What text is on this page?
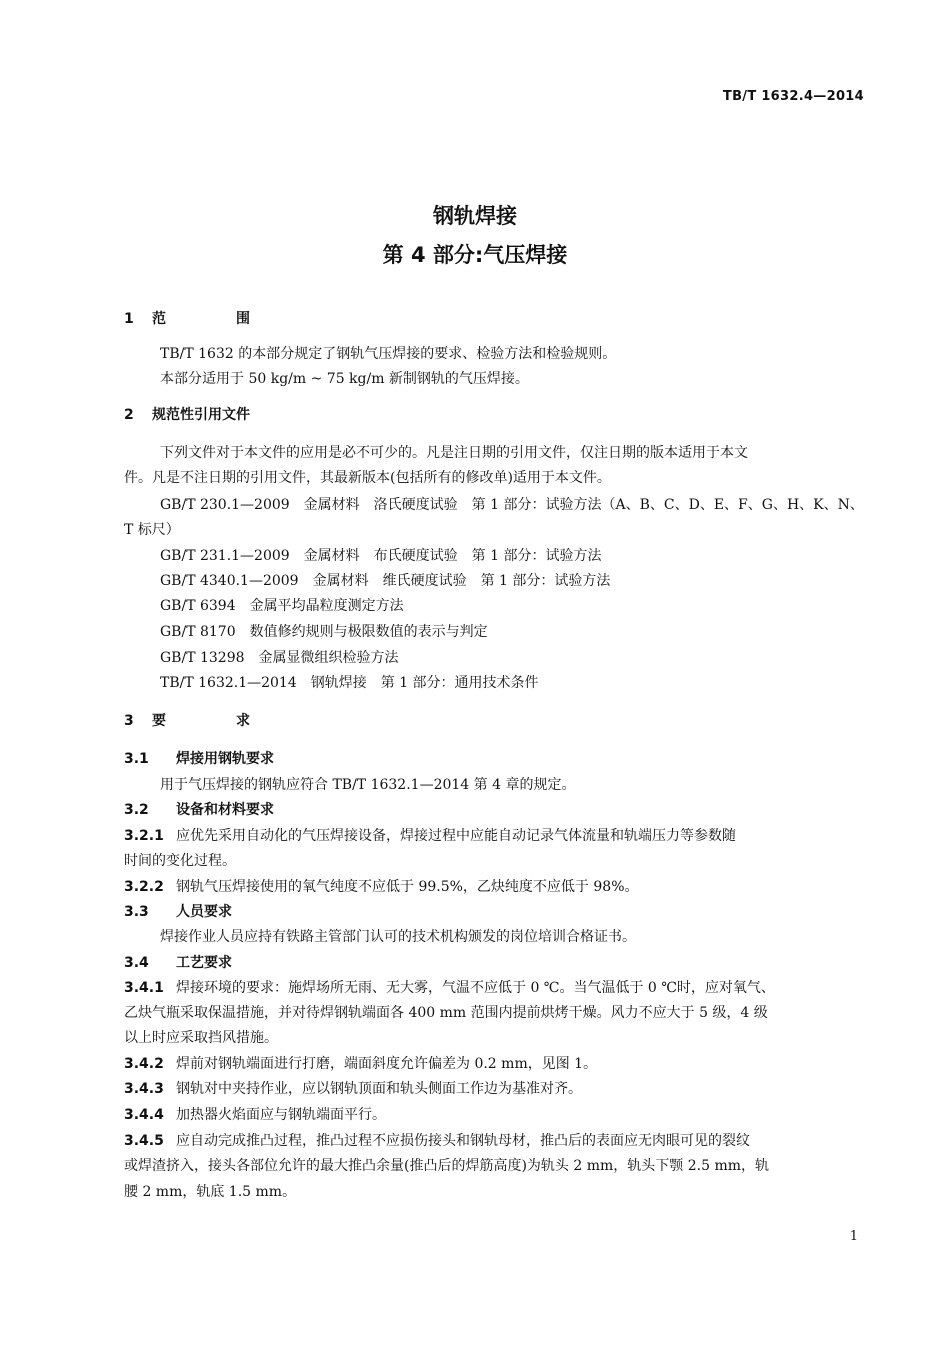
TB/T 1632.4—2014
钢轨焊接
第 4 部分:气压焊接
1 范　围
TB/T 1632 的本部分规定了钢轨气压焊接的要求、检验方法和检验规则。
本部分适用于 50 kg/m ~ 75 kg/m 新制钢轨的气压焊接。
2 规范性引用文件
下列文件对于本文件的应用是必不可少的。凡是注日期的引用文件，仅注日期的版本适用于本文
件。凡是不注日期的引用文件，其最新版本(包括所有的修改单)适用于本文件。
GB/T 230.1—2009　金属材料　洛氏硬度试验　第 1 部分：试验方法（A、B、C、D、E、F、G、H、K、N、
T 标尺）
GB/T 231.1—2009　金属材料　布氏硬度试验　第 1 部分：试验方法
GB/T 4340.1—2009　金属材料　维氏硬度试验　第 1 部分：试验方法
GB/T 6394　金属平均晶粒度测定方法
GB/T 8170　数值修约规则与极限数值的表示与判定
GB/T 13298　金属显微组织检验方法
TB/T 1632.1—2014　钢轨焊接　第 1 部分：通用技术条件
3 要　求
3.1 焊接用钢轨要求
用于气压焊接的钢轨应符合 TB/T 1632.1—2014 第 4 章的规定。
3.2 设备和材料要求
3.2.1 应优先采用自动化的气压焊接设备，焊接过程中应能自动记录气体流量和轨端压力等参数随
时间的变化过程。
3.2.2 钢轨气压焊接使用的氧气纯度不应低于 99.5%，乙炔纯度不应低于 98%。
3.3 人员要求
焊接作业人员应持有铁路主管部门认可的技术机构颁发的岗位培训合格证书。
3.4 工艺要求
3.4.1 焊接环境的要求：施焊场所无雨、无大雾，气温不应低于 0 ℃。当气温低于 0 ℃时，应对氧气、
乙炔气瓶采取保温措施，并对待焊钢轨端面各 400 mm 范围内提前烘烤干燥。风力不应大于 5 级，4 级
以上时应采取挡风措施。
3.4.2 焊前对钢轨端面进行打磨，端面斜度允许偏差为 0.2 mm，见图 1。
3.4.3 钢轨对中夹持作业，应以钢轨顶面和轨头侧面工作边为基准对齐。
3.4.4 加热器火焰面应与钢轨端面平行。
3.4.5 应自动完成推凸过程，推凸过程不应损伤接头和钢轨母材，推凸后的表面应无肉眼可见的裂纹
或焊渣挤入，接头各部位允许的最大推凸余量(推凸后的焊筋高度)为轨头 2 mm，轨头下颚 2.5 mm，轨
腰 2 mm，轨底 1.5 mm。
1
